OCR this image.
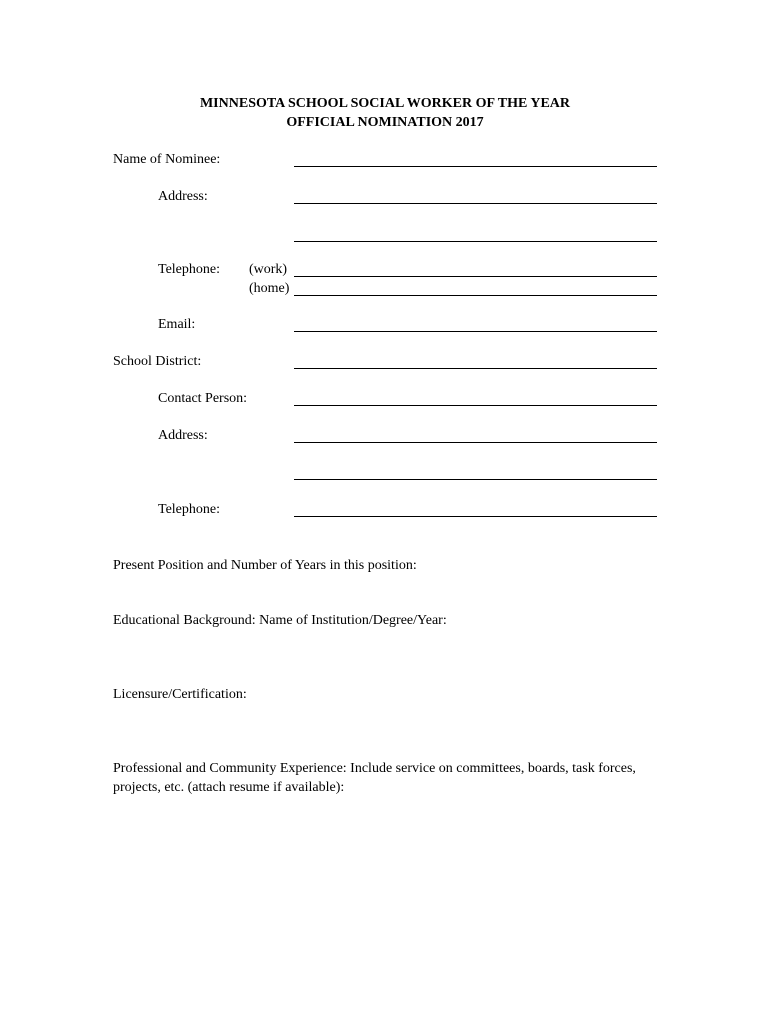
MINNESOTA SCHOOL SOCIAL WORKER OF THE YEAR
OFFICIAL NOMINATION 2017
Name of Nominee:
Address:
Telephone: (work)
(home)
Email:
School District:
Contact Person:
Address:
Telephone:
Present Position and Number of Years in this position:
Educational Background: Name of Institution/Degree/Year:
Licensure/Certification:
Professional and Community Experience: Include service on committees, boards, task forces, projects, etc. (attach resume if available):
